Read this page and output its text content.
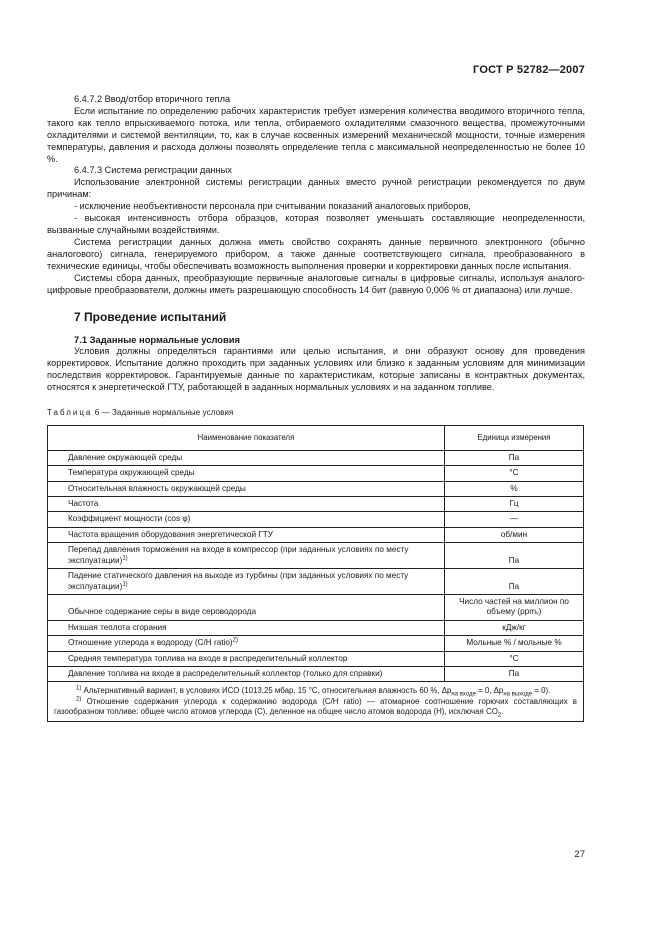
ГОСТ Р 52782—2007

6.4.7.2 Ввод/отбор вторичного тепла

Если испытание по определению рабочих характеристик требует измерения количества вводимого вторичного тепла, такого как тепло впрыскиваемого потока, или тепла, отбираемого охладителями смазочного вещества, промежуточными охладителями и системой вентиляции, то, как в случае косвенных измерений механической мощности, точные измерения температуры, давления и расхода должны позволять определение тепла с максимальной неопределенностью не более 10 %.

6.4.7.3 Система регистрации данных

Использование электронной системы регистрации данных вместо ручной регистрации рекомендуется по двум причинам:

- исключение необъективности персонала при считывании показаний аналоговых приборов,

- высокая интенсивность отбора образцов, которая позволяет уменьшать составляющие неопределенности, вызванные случайными воздействиями.

Система регистрации данных должна иметь свойство сохранять данные первичного электронного (обычно аналогового) сигнала, генерируемого прибором, а также данные соответствующего сигнала, преобразованного в технические единицы, чтобы обеспечивать возможность выполнения проверки и корректировки данных после испытания.

Системы сбора данных, преобразующие первичные аналоговые сигналы в цифровые сигналы, используя аналого-цифровые преобразователи, должны иметь разрешающую способность 14 бит (равную 0,006 % от диапазона) или лучше.

7 Проведение испытаний

7.1 Заданные нормальные условия

Условия должны определяться гарантиями или целью испытания, и они образуют основу для проведения корректировок. Испытание должно проходить при заданных условиях или близко к заданным условиям для минимизации последствия корректировок. Гарантируемые данные по характеристикам, которые записаны в контрактных документах, относятся к энергетической ГТУ, работающей в заданных нормальных условиях и на заданном топливе.

Таблица 6 — Заданные нормальные условия
Наименование показателя	Единица измерения
Давление окружающей среды	Па
Температура окружающей среды	°C
Относительная влажность окружающей среды	%
Частота	Гц
Коэффициент мощности (cos φ)	—
Частота вращения оборудования энергетической ГТУ	об/мин
Перепад давления торможения на входе в компрессор (при заданных условиях по месту эксплуатации)$^{1)}$	Па
Падение статического давления на выходе из турбины (при заданных условиях по месту эксплуатации)$^{1)}$	Па
Обычное содержание серы в виде сероводорода	Число частей на миллион по объему (ppmᵥ)
Низшая теплота сгорания	кДж/кг
Отношение углерода к водороду (C/H ratio)$^{2)}$	Мольные % / мольные %
Средняя температура топлива на входе в распределительный коллектор	°C
Давление топлива на входе в распределительный коллектор (только для справки)	Па

$^{1)}$ Альтернативный вариант, в условиях ИСО (1013,25 мбар, 15 °C, относительная влажность 60 %, $\Delta p_{на входе} = 0$, $\Delta p_{на выходе} = 0$).

$^{2)}$ Отношение содержания углерода к содержанию водорода (C/H ratio) — атомарное соотношение горючих составляющих в газообразном топливе: общее число атомов углерода (C), деленное на общее число атомов водорода (H), исключая $CO_2$.	

27
